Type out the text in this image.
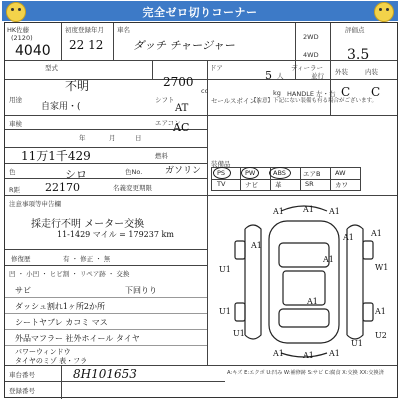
完全ゼロ切りコーナー
HK佐藤
(2120)
4040
初度登録年月
22 12
車名
ダッチ チャージャー
2WD
4WD
評価点
3.5
外装	内装
C C
型式
不明	2700
cc
ドア
5 人
ディーラー
並行
kg HANDLE 左・右
用途
自家用・(
シフト
AT
エアコン
AC
車検
年	月	日
11万1千429	燃料
ガソリン
色	シロ	色No.
R距 22170	名義変更期限
セールスポイント
【注意】下記にない装備も有る場合がございます。
装備品
PS	PW	ABS	エアB AW
TV	ナビ	革	SR	カワ
注意事項等申告欄
採走行不明 メーター交換
11-1429 マイル = 179237 km
修復歴	有 ・ 修正 ・ 無
凹 ・ 小凹 ・ ヒビ割 ・ リペア跡 ・ 交換
サビ	下回りり
ダッシュ割れ1ヶ所2か所
シートヤブレ カコミ マス
外品マフラー 社外ホイール タイヤ
パワーウィンドウ
タイヤのミゾ 表・フラ
車台番号	8H101653
登録番号
A:キズ E:エクボ U:凹み W:補修跡 S:サビ C:腐食 X:交換 XX:交換済
A1 A1 A1
A1 A1
A1
A1
U1	W1
U1	A1
A1
U1
U1
A1 A1 A1
U2
